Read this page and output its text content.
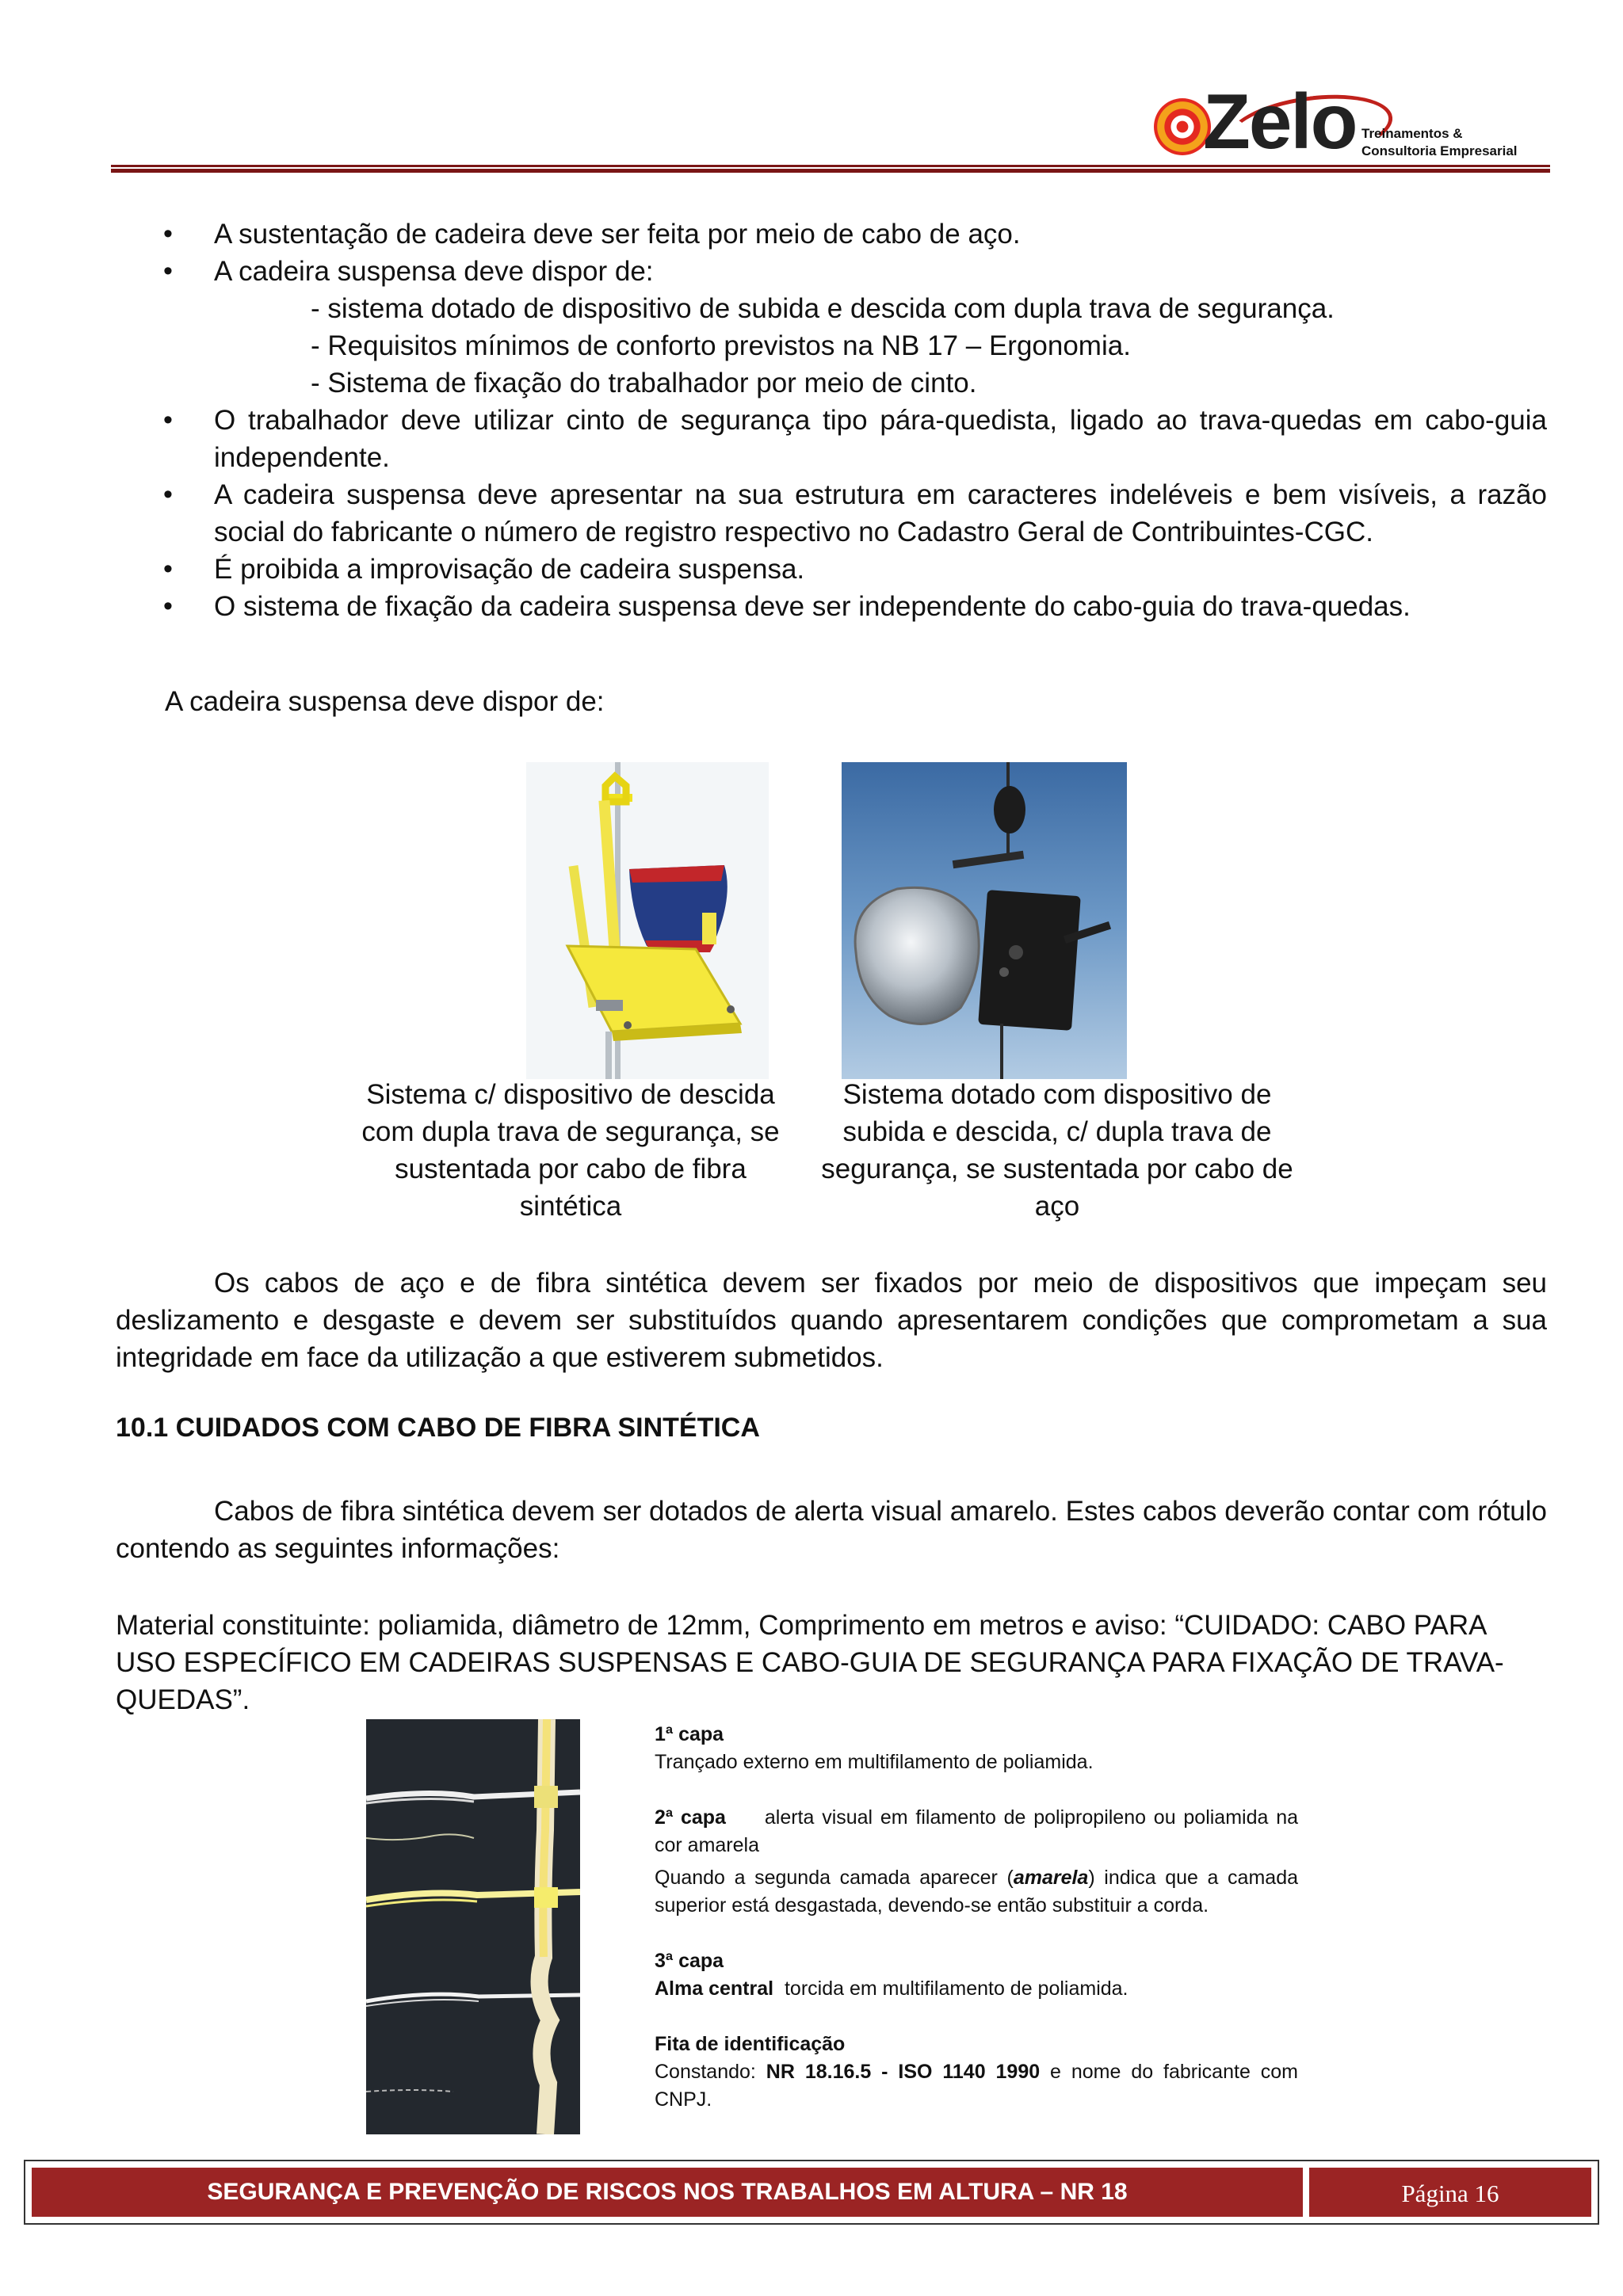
Zelo Treinamentos &
Consultoria Empresarial
• A sustentação de cadeira deve ser feita por meio de cabo de aço.
• A cadeira suspensa deve dispor de:
- sistema dotado de dispositivo de subida e descida com dupla trava de segurança.
- Requisitos mínimos de conforto previstos na NB 17 – Ergonomia.
- Sistema de fixação do trabalhador por meio de cinto.
• O trabalhador deve utilizar cinto de segurança tipo pára-quedista, ligado ao trava-quedas em cabo-guia independente.
• A cadeira suspensa deve apresentar na sua estrutura em caracteres indeléveis e bem visíveis, a razão social do fabricante o número de registro respectivo no Cadastro Geral de Contribuintes-CGC.
• É proibida a improvisação de cadeira suspensa.
• O sistema de fixação da cadeira suspensa deve ser independente do cabo-guia do trava-quedas.
A cadeira suspensa deve dispor de:
Sistema c/ dispositivo de descida com dupla trava de segurança, se sustentada por cabo de fibra sintética
Sistema dotado com dispositivo de subida e descida, c/ dupla trava de segurança, se sustentada por cabo de aço
Os cabos de aço e de fibra sintética devem ser fixados por meio de dispositivos que impeçam seu deslizamento e desgaste e devem ser substituídos quando apresentarem condições que comprometam a sua integridade em face da utilização a que estiverem submetidos.
10.1 CUIDADOS COM CABO DE FIBRA SINTÉTICA
Cabos de fibra sintética devem ser dotados de alerta visual amarelo. Estes cabos deverão contar com rótulo contendo as seguintes informações:
Material constituinte: poliamida, diâmetro de 12mm, Comprimento em metros e aviso: “CUIDADO: CABO PARA USO ESPECÍFICO EM CADEIRAS SUSPENSAS E CABO-GUIA DE SEGURANÇA PARA FIXAÇÃO DE TRAVA-QUEDAS”.

1ª capa

Trançado externo em multifilamento de poliamida.

2ª capa alerta visual em filamento de polipropileno ou poliamida na cor amarela

Quando a segunda camada aparecer (amarela) indica que a camada superior está desgastada, devendo-se então substituir a corda.

3ª capa

Alma central torcida em multifilamento de poliamida.

Fita de identificação

Constando: NR 18.16.5 - ISO 1140 1990 e nome do fabricante com CNPJ.

SEGURANÇA E PREVENÇÃO DE RISCOS NOS TRABALHOS EM ALTURA – NR 18	Página 16
